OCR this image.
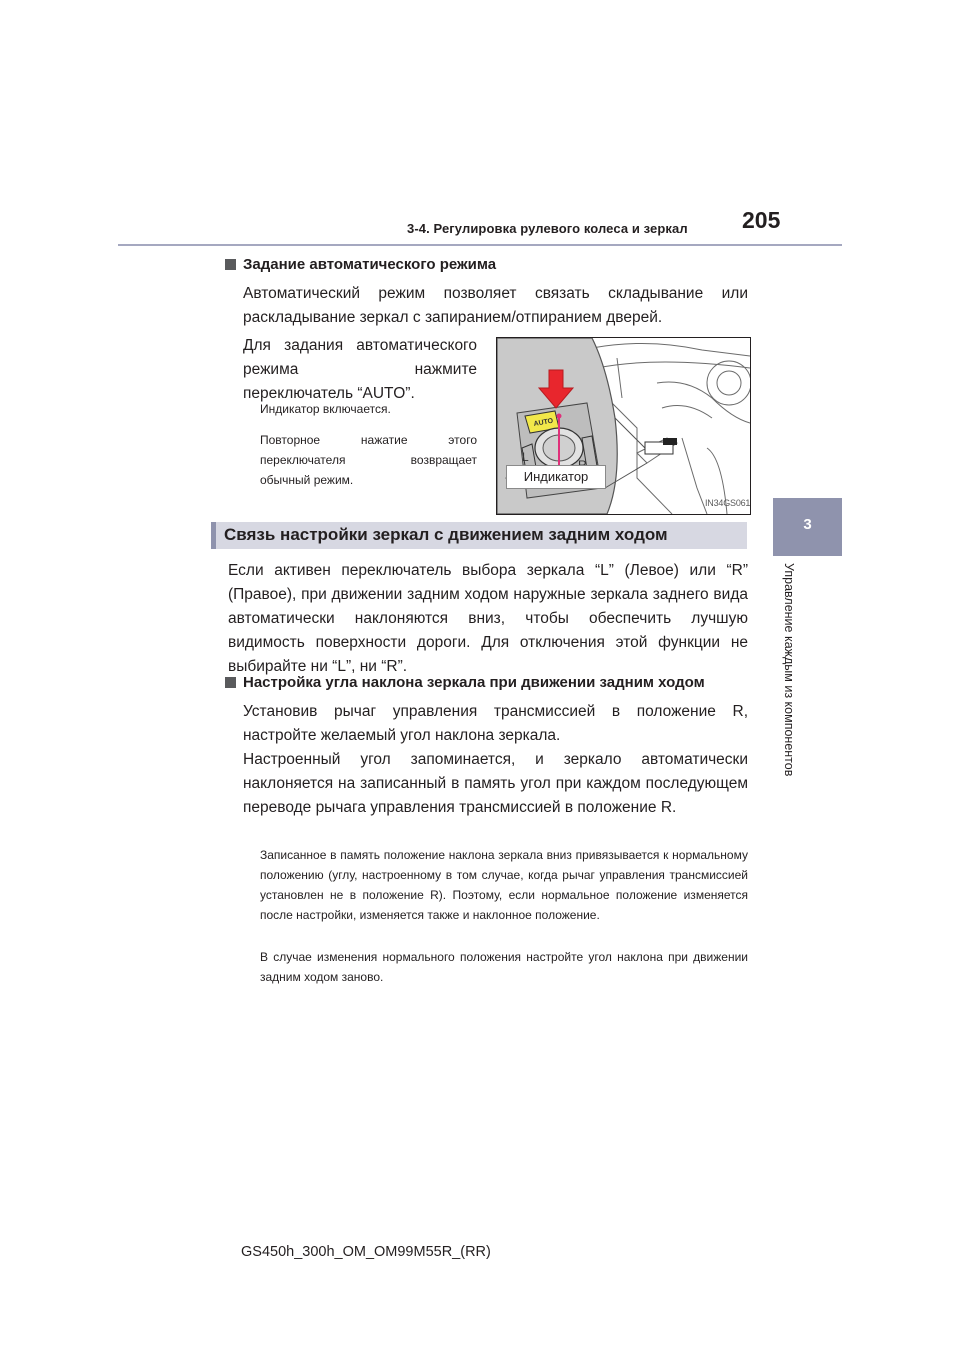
3-4. Регулировка рулевого колеса и зеркал 205
3
Управление каждым из компонентов
Задание автоматического режима
Автоматический режим позволяет связать складывание или раскладывание зеркал с запиранием/отпиранием дверей.
Для задания автоматического
режима	нажмите
переключатель “AUTO”.
Индикатор включается.
Повторное нажатие этого
переключателя возвращает
обычный режим.
AUTO
L
Индикатор
IN34GS061
Связь настройки зеркал с движением задним ходом
Если активен переключатель выбора зеркала “L” (Левое) или “R” (Правое), при движении задним ходом наружные зеркала заднего вида автоматически наклоняются вниз, чтобы обеспечить лучшую видимость поверхности дороги. Для отключения этой функции не выбирайте ни “L”, ни “R”.
Настройка угла наклона зеркала при движении задним ходом
Установив рычаг управления трансмиссией в положение R, настройте желаемый угол наклона зеркала.
Настроенный угол запоминается, и зеркало автоматически наклоняется на записанный в память угол при каждом последующем переводе рычага управления трансмиссией в положение R.
Записанное в память положение наклона зеркала вниз привязывается к нормальному положению (углу, настроенному в том случае, когда рычаг управления трансмиссией установлен не в положение R). Поэтому, если нормальное положение изменяется после настройки, изменяется также и наклонное положение.
В случае изменения нормального положения настройте угол наклона при движении задним ходом заново.
GS450h_300h_OM_OM99M55R_(RR)
